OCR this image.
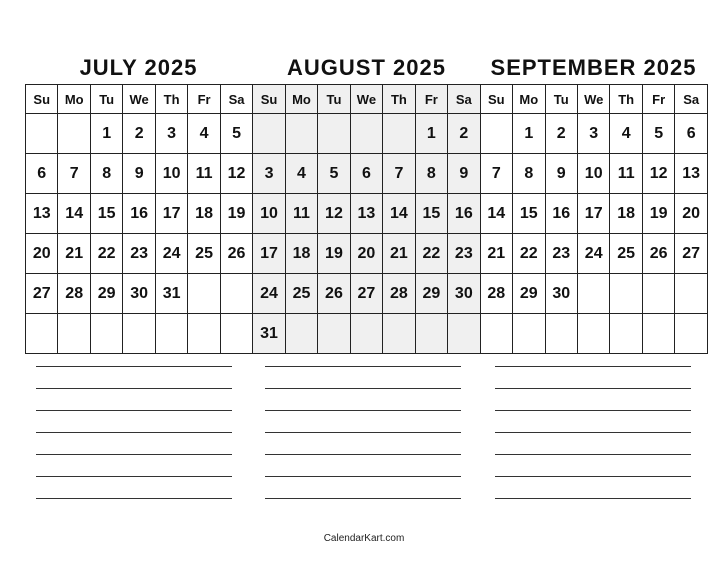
JULY 2025	AUGUST 2025	SEPTEMBER 2025
Su	Mo	Tu	We	Th	Fr	Sa	Su	Mo	Tu	We	Th	Fr	Sa	Su	Mo	Tu	We	Th	Fr	Sa
		1	2	3	4	5						1	2		1	2	3	4	5	6
6	7	8	9	10	11	12	3	4	5	6	7	8	9	7	8	9	10	11	12	13
13	14	15	16	17	18	19	10	11	12	13	14	15	16	14	15	16	17	18	19	20
20	21	22	23	24	25	26	17	18	19	20	21	22	23	21	22	23	24	25	26	27
27	28	29	30	31			24	25	26	27	28	29	30	28	29	30				
							31													
CalendarKart.com
